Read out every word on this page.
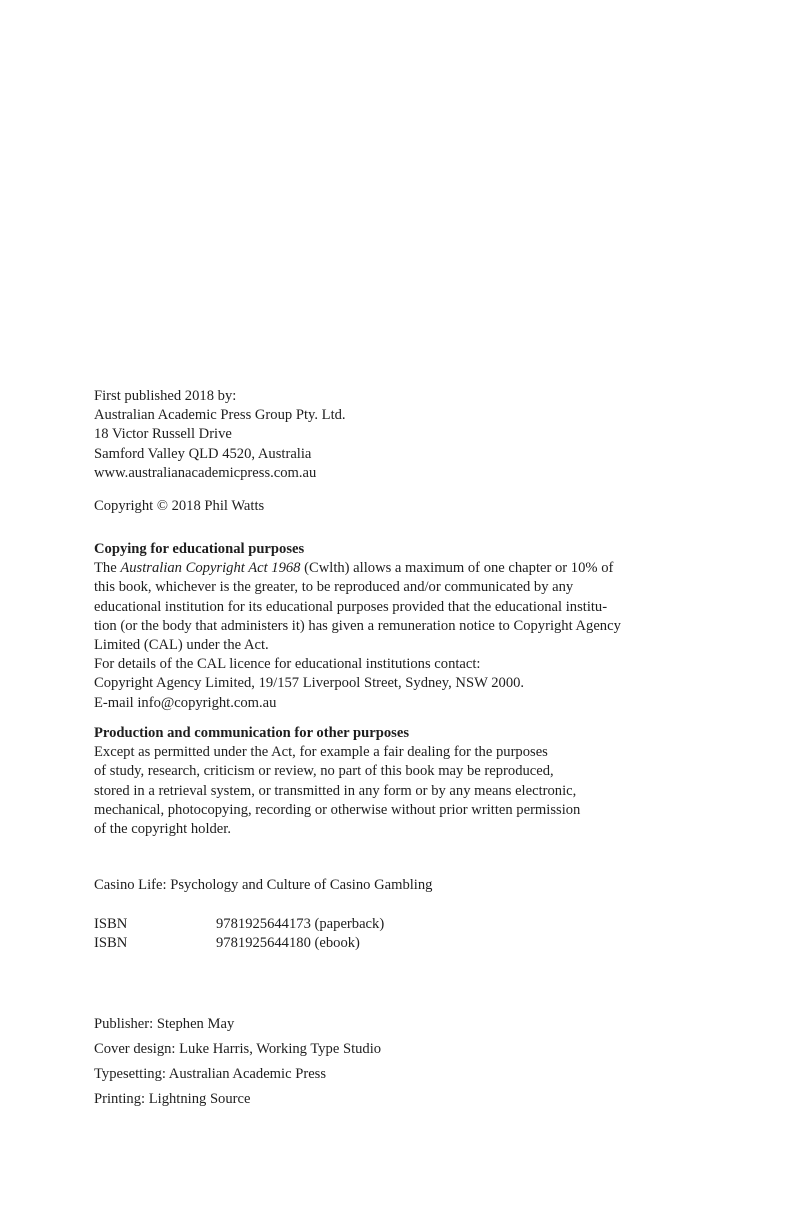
First published 2018 by:
Australian Academic Press Group Pty. Ltd.
18 Victor Russell Drive
Samford Valley QLD 4520, Australia
www.australianacademicpress.com.au
Copyright © 2018 Phil Watts
Copying for educational purposes
The Australian Copyright Act 1968 (Cwlth) allows a maximum of one chapter or 10% of
this book, whichever is the greater, to be reproduced and/or communicated by any
educational institution for its educational purposes provided that the educational institu-
tion (or the body that administers it) has given a remuneration notice to Copyright Agency
Limited (CAL) under the Act.
For details of the CAL licence for educational institutions contact:
Copyright Agency Limited, 19/157 Liverpool Street, Sydney, NSW 2000.
E-mail info@copyright.com.au
Production and communication for other purposes
Except as permitted under the Act, for example a fair dealing for the purposes
of study, research, criticism or review, no part of this book may be reproduced,
stored in a retrieval system, or transmitted in any form or by any means electronic,
mechanical, photocopying, recording or otherwise without prior written permission
of the copyright holder.
Casino Life: Psychology and Culture of Casino Gambling
ISBN	9781925644173 (paperback)
ISBN	9781925644180 (ebook)
Publisher: Stephen May
Cover design: Luke Harris, Working Type Studio
Typesetting: Australian Academic Press
Printing: Lightning Source
